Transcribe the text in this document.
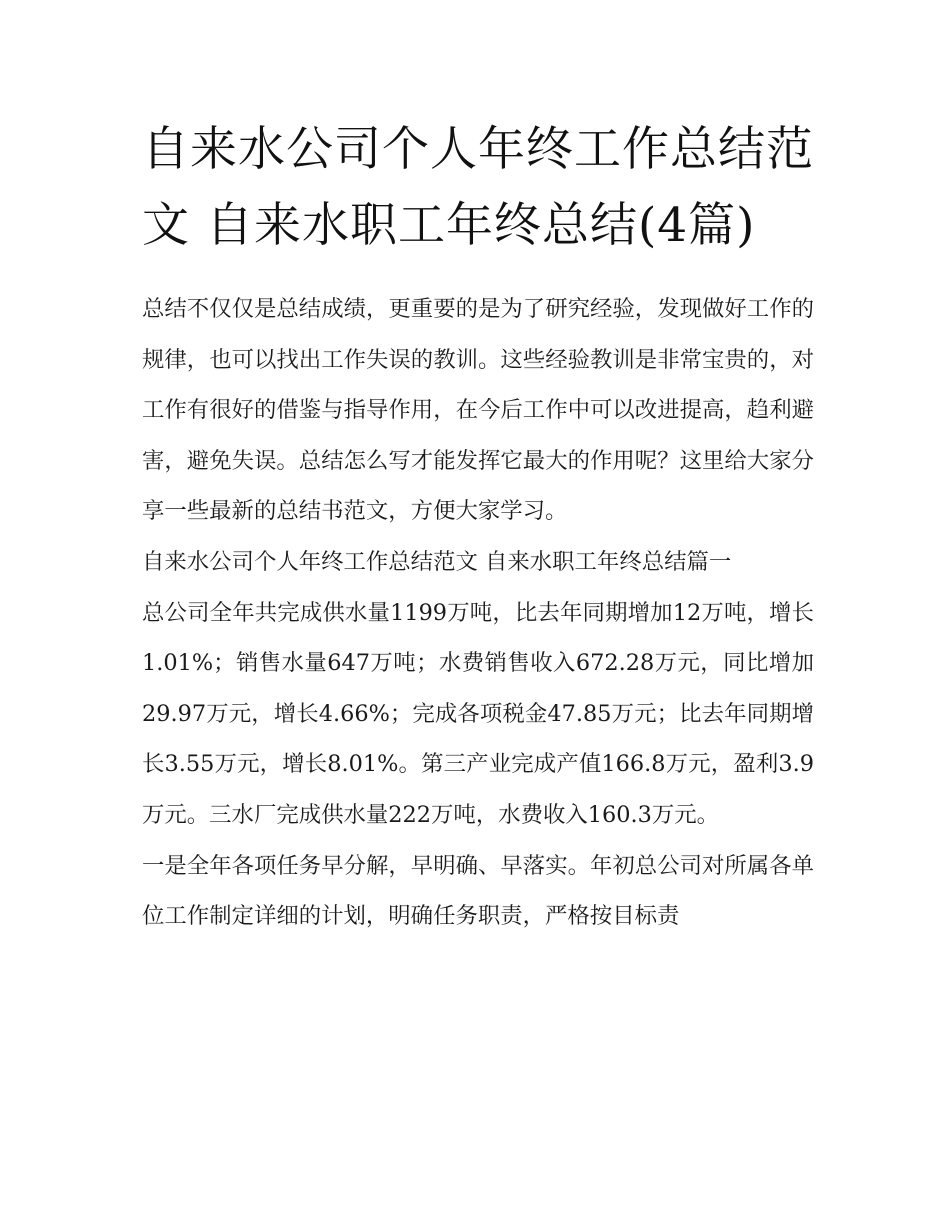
自来水公司个人年终工作总结范文 自来水职工年终总结(4篇)

总结不仅仅是总结成绩，更重要的是为了研究经验，发现做好工作的规律，也可以找出工作失误的教训。这些经验教训是非常宝贵的，对工作有很好的借鉴与指导作用，在今后工作中可以改进提高，趋利避害，避免失误。总结怎么写才能发挥它最大的作用呢？这里给大家分享一些最新的总结书范文，方便大家学习。

自来水公司个人年终工作总结范文 自来水职工年终总结篇一

总公司全年共完成供水量1199万吨，比去年同期增加12万吨，增长1.01%；销售水量647万吨；水费销售收入672.28万元，同比增加29.97万元，增长4.66%；完成各项税金47.85万元；比去年同期增长3.55万元，增长8.01%。第三产业完成产值166.8万元，盈利3.9万元。三水厂完成供水量222万吨，水费收入160.3万元。

一是全年各项任务早分解，早明确、早落实。年初总公司对所属各单位工作制定详细的计划，明确任务职责，严格按目标责
